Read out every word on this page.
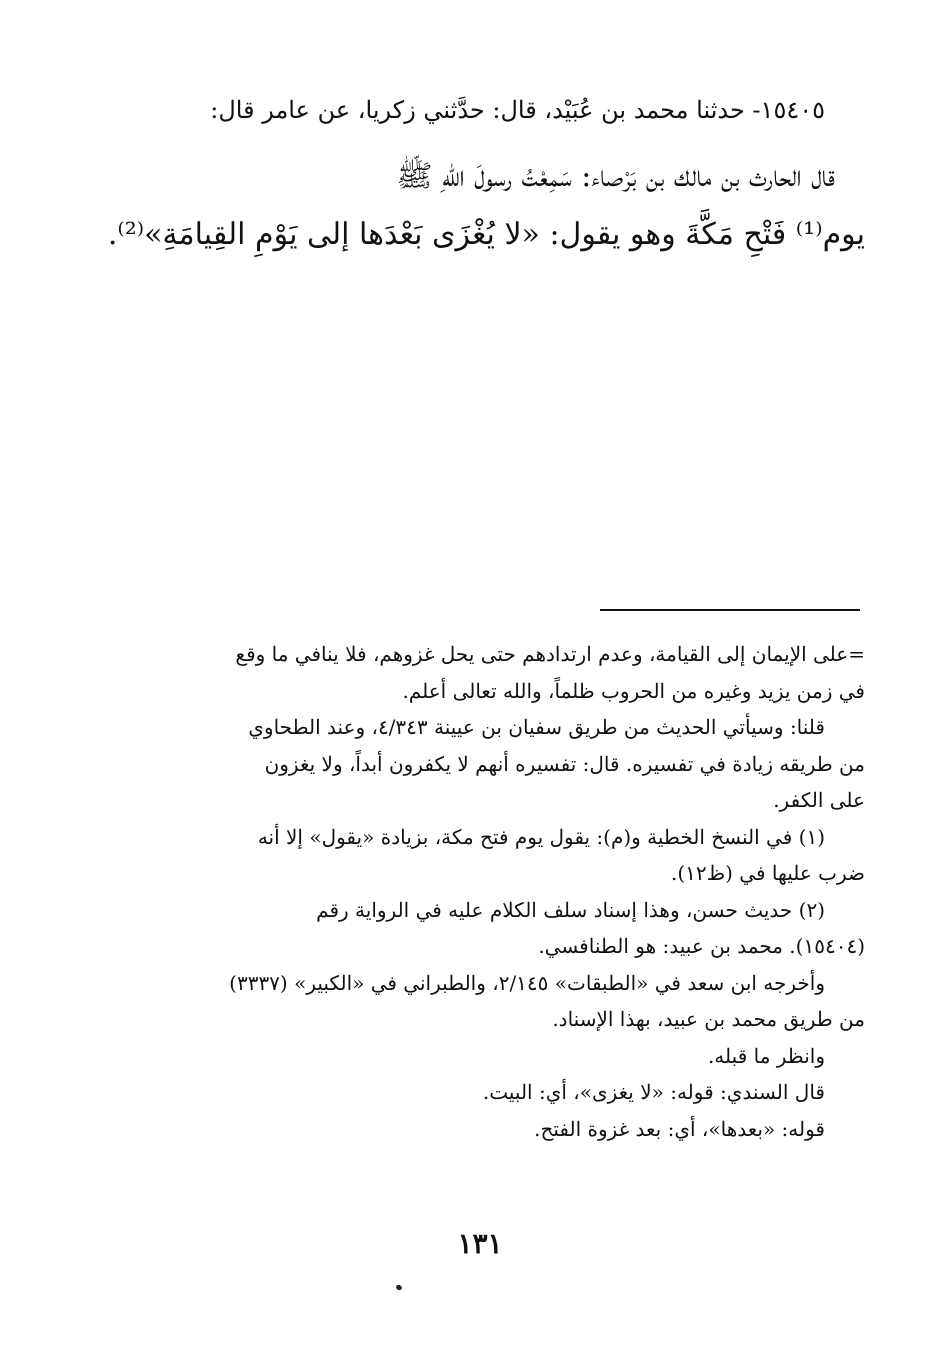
١٥٤٠٥- حدثنا محمد بن عُبَيْد، قال: حدَّثني زكريا، عن عامر قال:
قال الحارث بن مالك بن بَرْصاء: سَمِعْتُ رسولَ اللهِ ﷺ
يوم⁽¹⁾ فَتْحِ مَكَّةَ وهو يقول: «لا يُغْزَى بَعْدَها إلى يَوْمِ القِيامَةِ»⁽²⁾.

=على الإيمان إلى القيامة، وعدم ارتدادهم حتى يحل غزوهم، فلا ينافي ما وقع
في زمن يزيد وغيره من الحروب ظلماً، والله تعالى أعلم.

قلنا: وسيأتي الحديث من طريق سفيان بن عيينة ٤/٣٤٣، وعند الطحاوي
من طريقه زيادة في تفسيره. قال: تفسيره أنهم لا يكفرون أبداً، ولا يغزون
على الكفر.

(١) في النسخ الخطية و(م): يقول يوم فتح مكة، بزيادة «يقول» إلا أنه
ضرب عليها في (ظ١٢).

(٢) حديث حسن، وهذا إسناد سلف الكلام عليه في الرواية رقم
(١٥٤٠٤). محمد بن عبيد: هو الطنافسي.

وأخرجه ابن سعد في «الطبقات» ٢/١٤٥، والطبراني في «الكبير» (٣٣٣٧)
من طريق محمد بن عبيد، بهذا الإسناد.

وانظر ما قبله.

قال السندي: قوله: «لا يغزى»، أي: البيت.

قوله: «بعدها»، أي: بعد غزوة الفتح.

١٣١
